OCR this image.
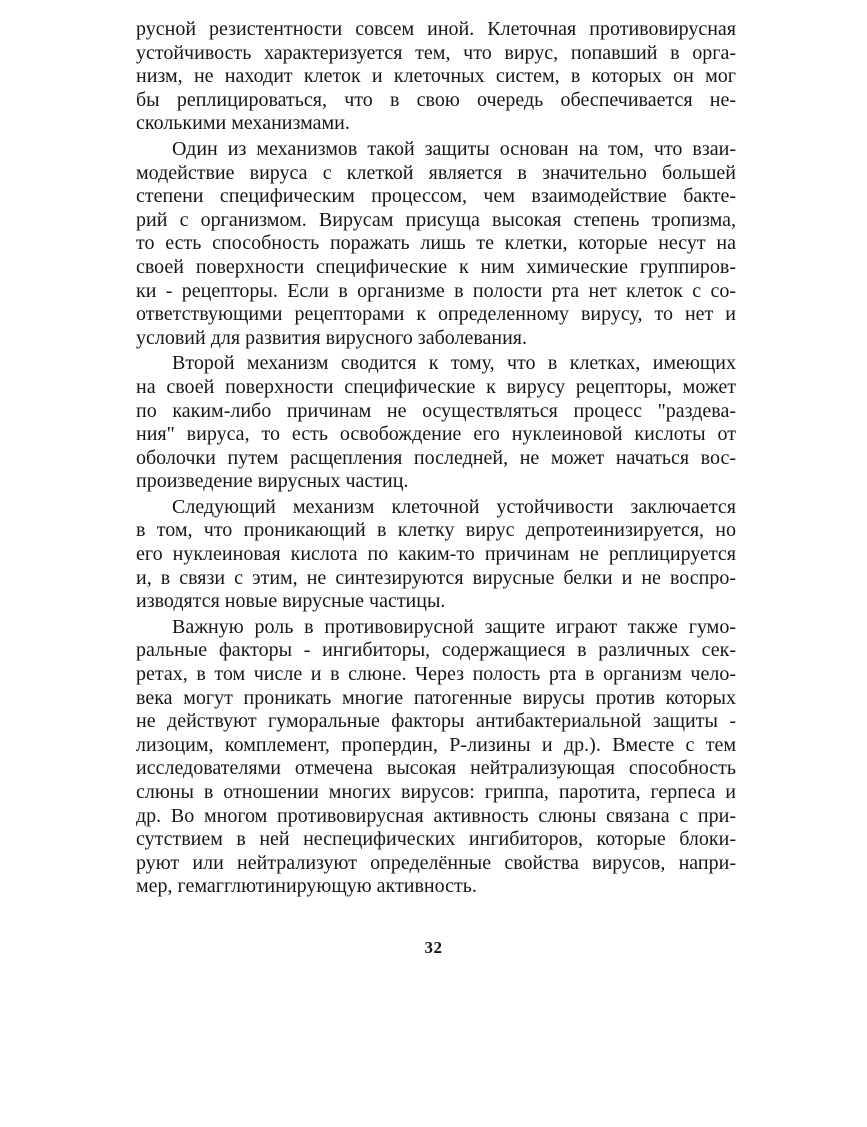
русной резистентности совсем иной. Клеточная противовирусная
устойчивость характеризуется тем, что вирус, попавший в орга-
низм, не находит клеток и клеточных систем, в которых он мог
бы реплицироваться, что в свою очередь обеспечивается не-
сколькими механизмами.
Один из механизмов такой защиты основан на том, что взаи-
модействие вируса с клеткой является в значительно большей
степени специфическим процессом, чем взаимодействие бакте-
рий с организмом. Вирусам присуща высокая степень тропизма,
то есть способность поражать лишь те клетки, которые несут на
своей поверхности специфические к ним химические группиров-
ки - рецепторы. Если в организме в полости рта нет клеток с со-
ответствующими рецепторами к определенному вирусу, то нет и
условий для развития вирусного заболевания.
Второй механизм сводится к тому, что в клетках, имеющих
на своей поверхности специфические к вирусу рецепторы, может
по каким-либо причинам не осуществляться процесс "раздева-
ния" вируса, то есть освобождение его нуклеиновой кислоты от
оболочки путем расщепления последней, не может начаться вос-
произведение вирусных частиц.
Следующий механизм клеточной устойчивости заключается
в том, что проникающий в клетку вирус депротеинизируется, но
его нуклеиновая кислота по каким-то причинам не реплицируется
и, в связи с этим, не синтезируются вирусные белки и не воспро-
изводятся новые вирусные частицы.
Важную роль в противовирусной защите играют также гумо-
ральные факторы - ингибиторы, содержащиеся в различных сек-
ретах, в том числе и в слюне. Через полость рта в организм чело-
века могут проникать многие патогенные вирусы против которых
не действуют гуморальные факторы антибактериальной защиты -
лизоцим, комплемент, пропердин, Р-лизины и др.). Вместе с тем
исследователями отмечена высокая нейтрализующая способность
слюны в отношении многих вирусов: гриппа, паротита, герпеса и
др. Во многом противовирусная активность слюны связана с при-
сутствием в ней неспецифических ингибиторов, которые блоки-
руют или нейтрализуют определённые свойства вирусов, напри-
мер, гемагглютинирующую активность.
32
